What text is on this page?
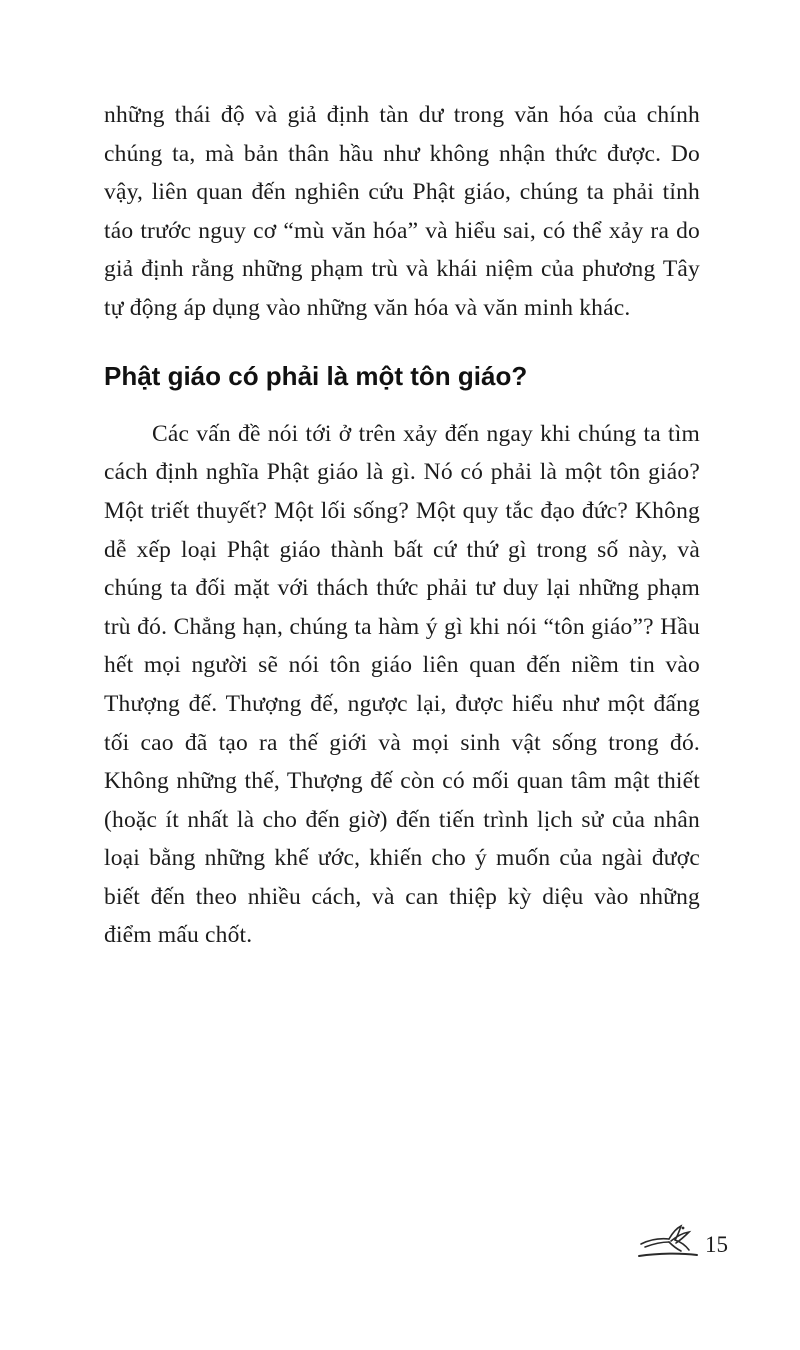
những thái độ và giả định tàn dư trong văn hóa của chính chúng ta, mà bản thân hầu như không nhận thức được. Do vậy, liên quan đến nghiên cứu Phật giáo, chúng ta phải tỉnh táo trước nguy cơ “mù văn hóa” và hiểu sai, có thể xảy ra do giả định rằng những phạm trù và khái niệm của phương Tây tự động áp dụng vào những văn hóa và văn minh khác.

Phật giáo có phải là một tôn giáo?

Các vấn đề nói tới ở trên xảy đến ngay khi chúng ta tìm cách định nghĩa Phật giáo là gì. Nó có phải là một tôn giáo? Một triết thuyết? Một lối sống? Một quy tắc đạo đức? Không dễ xếp loại Phật giáo thành bất cứ thứ gì trong số này, và chúng ta đối mặt với thách thức phải tư duy lại những phạm trù đó. Chẳng hạn, chúng ta hàm ý gì khi nói “tôn giáo”? Hầu hết mọi người sẽ nói tôn giáo liên quan đến niềm tin vào Thượng đế. Thượng đế, ngược lại, được hiểu như một đấng tối cao đã tạo ra thế giới và mọi sinh vật sống trong đó. Không những thế, Thượng đế còn có mối quan tâm mật thiết (hoặc ít nhất là cho đến giờ) đến tiến trình lịch sử của nhân loại bằng những khế ước, khiến cho ý muốn của ngài được biết đến theo nhiều cách, và can thiệp kỳ diệu vào những điểm mấu chốt.

15
